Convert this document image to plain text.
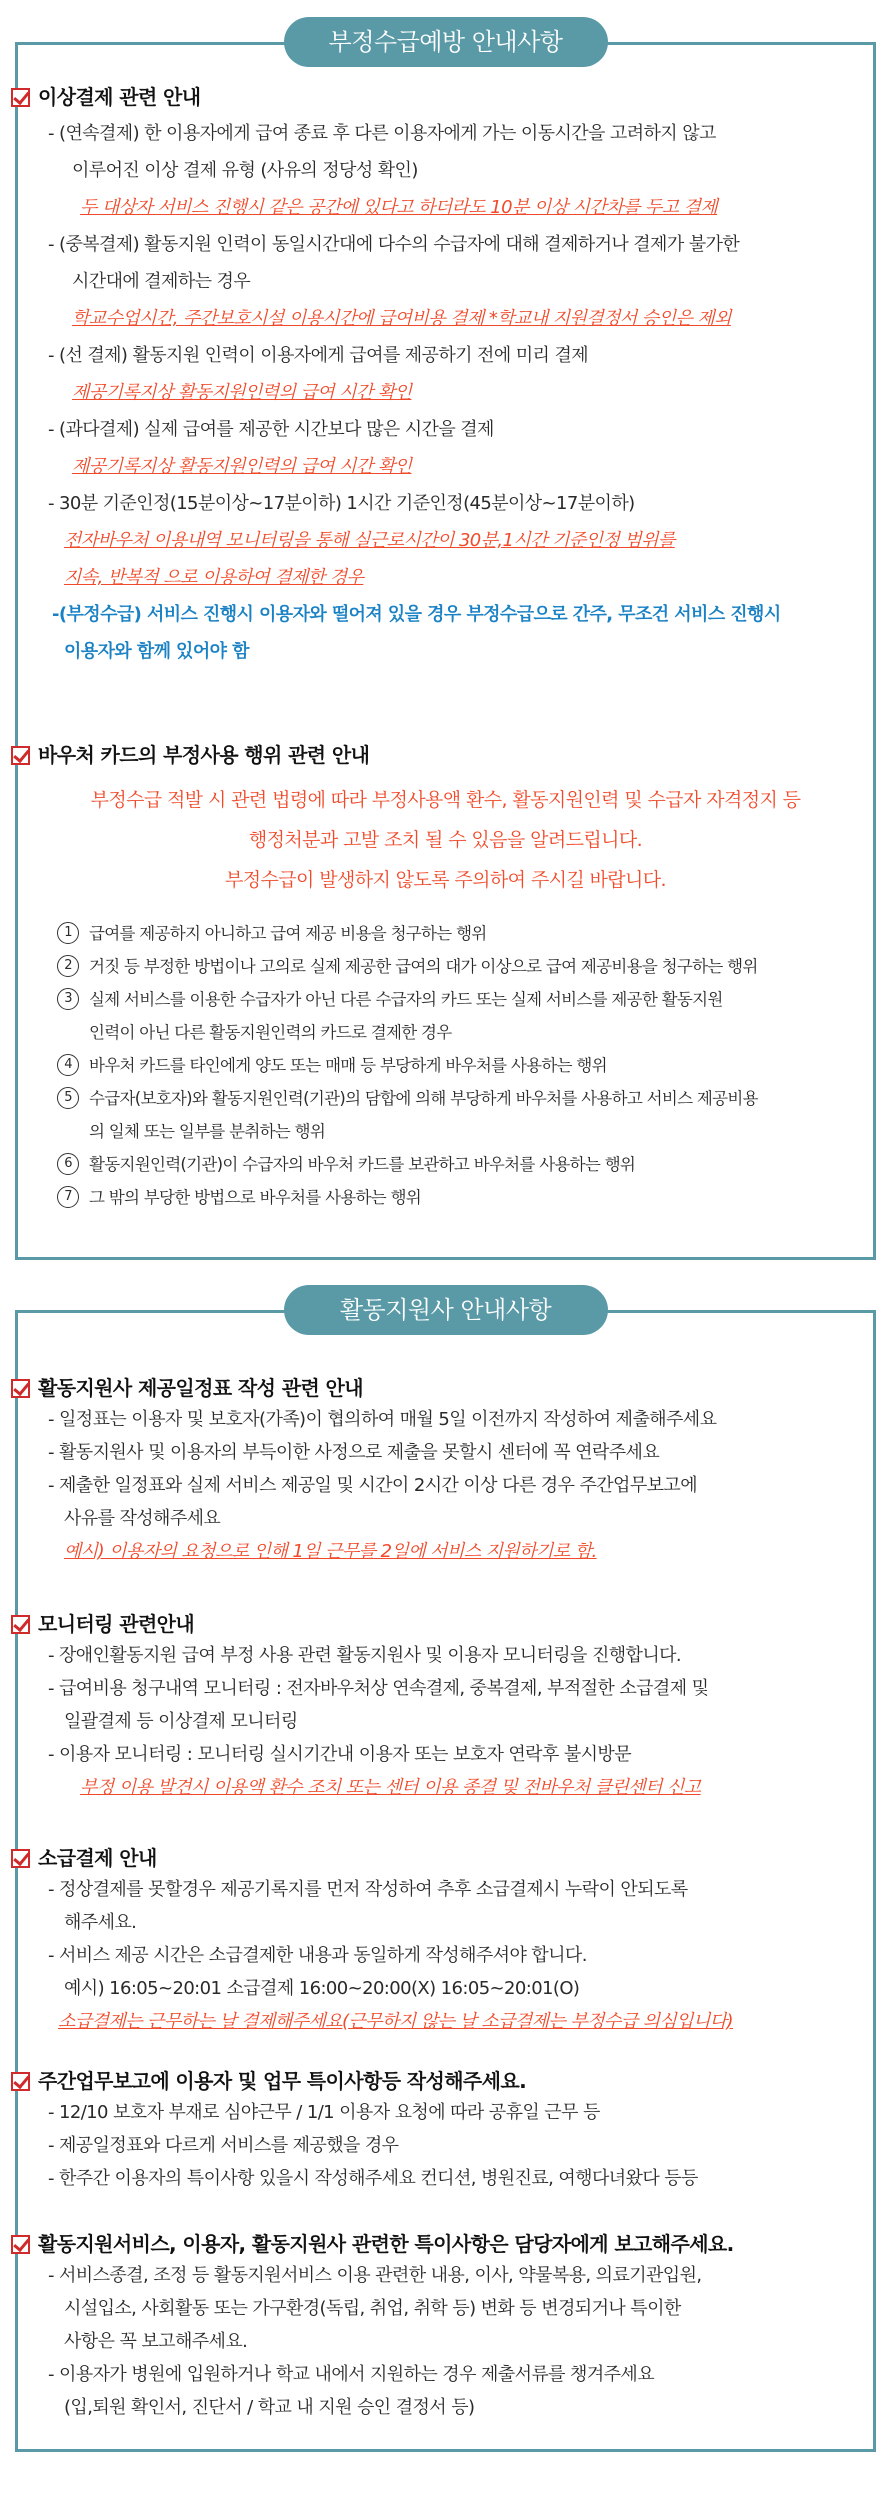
부정수급예방 안내사항
이상결제 관련 안내
- (연속결제) 한 이용자에게 급여 종료 후 다른 이용자에게 가는 이동시간을 고려하지 않고
이루어진 이상 결제 유형 (사유의 정당성 확인)
두 대상자 서비스 진행시 같은 공간에 있다고 하더라도 10분 이상 시간차를 두고 결제
- (중복결제) 활동지원 인력이 동일시간대에 다수의 수급자에 대해 결제하거나 결제가 불가한
시간대에 결제하는 경우
학교수업시간, 주간보호시설 이용시간에 급여비용 결제 *학교내 지원결정서 승인은 제외
- (선 결제) 활동지원 인력이 이용자에게 급여를 제공하기 전에 미리 결제
제공기록지상 활동지원인력의 급여 시간 확인
- (과다결제) 실제 급여를 제공한 시간보다 많은 시간을 결제
제공기록지상 활동지원인력의 급여 시간 확인
- 30분 기준인정(15분이상~17분이하) 1시간 기준인정(45분이상~17분이하)
전자바우처 이용내역 모니터링을 통해 실근로시간이 30분,1시간 기준인정 범위를
지속, 반복적 으로 이용하여 결제한 경우
-(부정수급) 서비스 진행시 이용자와 떨어져 있을 경우 부정수급으로 간주, 무조건 서비스 진행시
이용자와 함께 있어야 함
바우처 카드의 부정사용 행위 관련 안내
부정수급 적발 시 관련 법령에 따라 부정사용액 환수, 활동지원인력 및 수급자 자격정지 등
행정처분과 고발 조치 될 수 있음을 알려드립니다.
부정수급이 발생하지 않도록 주의하여 주시길 바랍니다.
1	급여를 제공하지 아니하고 급여 제공 비용을 청구하는 행위
2	거짓 등 부정한 방법이나 고의로 실제 제공한 급여의 대가 이상으로 급여 제공비용을 청구하는 행위
3	실제 서비스를 이용한 수급자가 아닌 다른 수급자의 카드 또는 실제 서비스를 제공한 활동지원
인력이 아닌 다른 활동지원인력의 카드로 결제한 경우
4	바우처 카드를 타인에게 양도 또는 매매 등 부당하게 바우처를 사용하는 행위
5	수급자(보호자)와 활동지원인력(기관)의 담합에 의해 부당하게 바우처를 사용하고 서비스 제공비용
의 일체 또는 일부를 분취하는 행위
6	활동지원인력(기관)이 수급자의 바우처 카드를 보관하고 바우처를 사용하는 행위
7	그 밖의 부당한 방법으로 바우처를 사용하는 행위
활동지원사 안내사항
활동지원사 제공일정표 작성 관련 안내
- 일정표는 이용자 및 보호자(가족)이 협의하여 매월 5일 이전까지 작성하여 제출해주세요
- 활동지원사 및 이용자의 부득이한 사정으로 제출을 못할시 센터에 꼭 연락주세요
- 제출한 일정표와 실제 서비스 제공일 및 시간이 2시간 이상 다른 경우 주간업무보고에
사유를 작성해주세요
예시) 이용자의 요청으로 인해 1일 근무를 2일에 서비스 지원하기로 함.
모니터링 관련안내
- 장애인활동지원 급여 부정 사용 관련 활동지원사 및 이용자 모니터링을 진행합니다.
- 급여비용 청구내역 모니터링 : 전자바우처상 연속결제, 중복결제, 부적절한 소급결제 및
일괄결제 등 이상결제 모니터링
- 이용자 모니터링 : 모니터링 실시기간내 이용자 또는 보호자 연락후 불시방문
부정 이용 발견시 이용액 환수 조치 또는 센터 이용 종결 및 전바우처 클린센터 신고
소급결제 안내
- 정상결제를 못할경우 제공기록지를 먼저 작성하여 추후 소급결제시 누락이 안되도록
해주세요.
- 서비스 제공 시간은 소급결제한 내용과 동일하게 작성해주셔야 합니다.
예시) 16:05~20:01 소급결제 16:00~20:00(X) 16:05~20:01(O)
소급결제는 근무하는 날 결제해주세요(근무하지 않는 날 소급결제는 부정수급 의심입니다)
주간업무보고에 이용자 및 업무 특이사항등 작성해주세요.
- 12/10 보호자 부재로 심야근무 / 1/1 이용자 요청에 따라 공휴일 근무 등
- 제공일정표와 다르게 서비스를 제공했을 경우
- 한주간 이용자의 특이사항 있을시 작성해주세요 컨디션, 병원진료, 여행다녀왔다 등등
활동지원서비스, 이용자, 활동지원사 관련한 특이사항은 담당자에게 보고해주세요.
- 서비스종결, 조정 등 활동지원서비스 이용 관련한 내용, 이사, 약물복용, 의료기관입원,
시설입소, 사회활동 또는 가구환경(독립, 취업, 취학 등) 변화 등 변경되거나 특이한
사항은 꼭 보고해주세요.
- 이용자가 병원에 입원하거나 학교 내에서 지원하는 경우 제출서류를 챙겨주세요
(입,퇴원 확인서, 진단서 / 학교 내 지원 승인 결정서 등)
